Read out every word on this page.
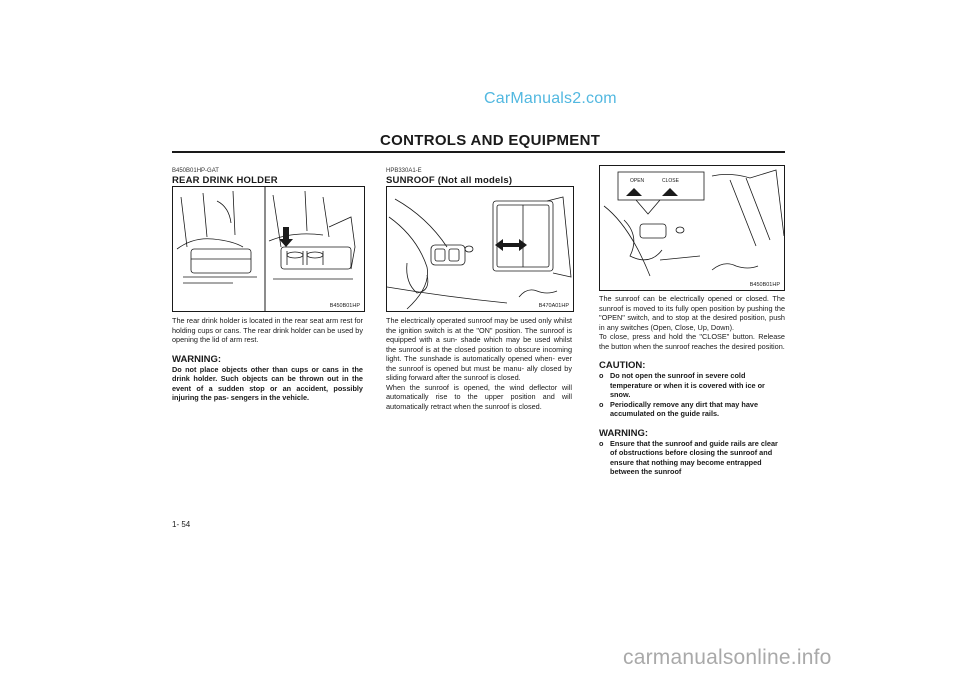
CarManuals2.com
CONTROLS AND EQUIPMENT
B450B01HP-GAT
REAR DRINK HOLDER
B450B01HP

The rear drink holder is located in the rear seat arm rest for holding cups or cans. The rear drink holder can be used by opening the lid of arm rest.

WARNING:

Do not place objects other than cups or cans in the drink holder. Such objects can be thrown out in the event of a sudden stop or an accident, possibly injuring the pas- sengers in the vehicle.

HPB330A1-E
SUNROOF (Not all models)
B470A01HP

The electrically operated sunroof may be used only whilst the ignition switch is at the "ON" position. The sunroof is equipped with a sun- shade which may be used whilst the sunroof is at the closed position to obscure incoming light. The sunshade is automatically opened when- ever the sunroof is opened but must be manu- ally closed by sliding forward after the sunroof is closed.

When the sunroof is opened, the wind deflector will automatically rise to the upper position and will automatically retract when the sunroof is closed.

OPEN	CLOSE
B450B01HP

The sunroof can be electrically opened or closed. The sunroof is moved to its fully open position by pushing the "OPEN" switch, and to stop at the desired position, push in any switches (Open, Close, Up, Down).

To close, press and hold the "CLOSE" button. Release the button when the sunroof reaches the desired position.

CAUTION:

o Do not open the sunroof in severe cold temperature or when it is covered with ice or snow.

o Periodically remove any dirt that may have accumulated on the guide rails.

WARNING:

o Ensure that the sunroof and guide rails are clear of obstructions before closing the sunroof and ensure that nothing may become entrapped between the sunroof

1- 54
carmanualsonline.info
